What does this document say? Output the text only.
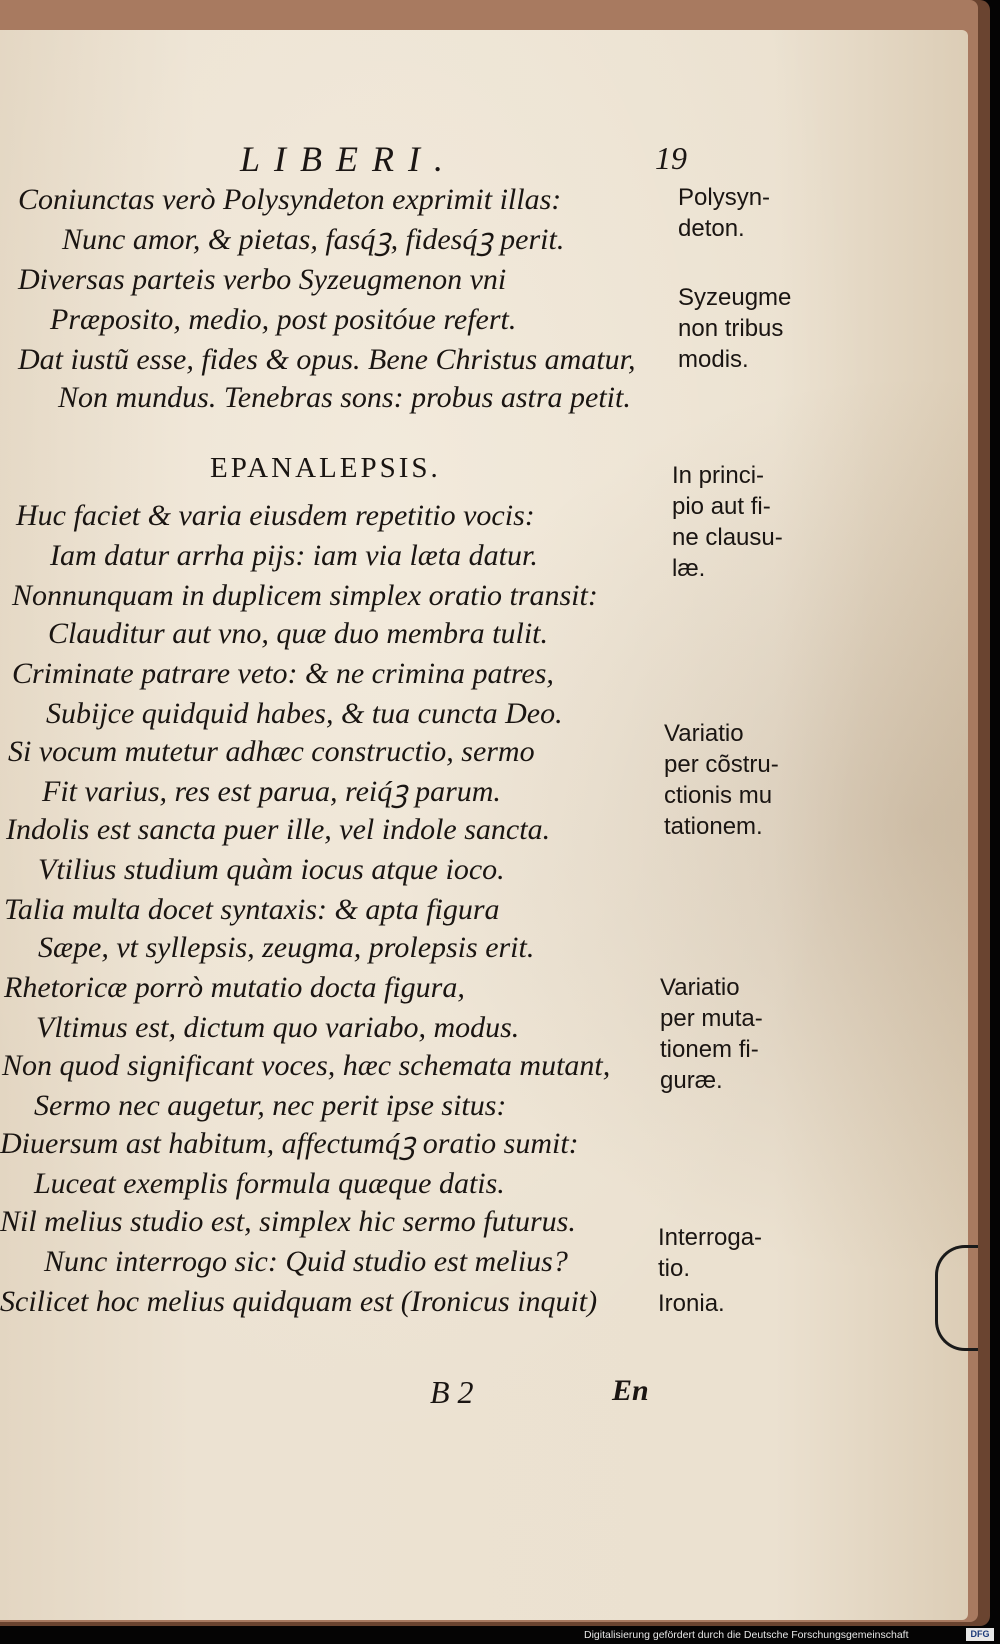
LIBERI.	19
Coniunctas verò Polysyndeton exprimit illas:
Nunc amor, & pietas, fasq́ꝫ, fidesq́ꝫ perit.
Diversas parteis verbo Syzeugmenon vni
Præposito, medio, post positóue refert.
Dat iustũ esse, fides & opus. Bene Christus amatur,
Non mundus. Tenebras sons: probus astra petit.
EPANALEPSIS.
Huc faciet & varia eiusdem repetitio vocis:
Iam datur arrha pijs: iam via læta datur.
Nonnunquam in duplicem simplex oratio transit:
Clauditur aut vno, quæ duo membra tulit.
Criminate patrare veto: & ne crimina patres,
Subijce quidquid habes, & tua cuncta Deo.
Si vocum mutetur adhæc constructio, sermo
Fit varius, res est parua, reiq́ꝫ parum.
Indolis est sancta puer ille, vel indole sancta.
Vtilius studium quàm iocus atque ioco.
Talia multa docet syntaxis: & apta figura
Sæpe, vt syllepsis, zeugma, prolepsis erit.
Rhetoricæ porrò mutatio docta figura,
Vltimus est, dictum quo variabo, modus.
Non quod significant voces, hæc schemata mutant,
Sermo nec augetur, nec perit ipse situs:
Diuersum ast habitum, affectumq́ꝫ oratio sumit:
Luceat exemplis formula quæque datis.
Nil melius studio est, simplex hic sermo futurus.
Nunc interrogo sic: Quid studio est melius?
Scilicet hoc melius quidquam est (Ironicus inquit)
Polysyn-
deton.
Syzeugme
non tribus
modis.
In princi-
pio aut fi-
ne clausu-
læ.
Variatio
per cõstru-
ctionis mu
tationem.
Variatio
per muta-
tionem fi-
guræ.
Interroga-
tio.
Ironia.
B 2	En
Digitalisierung gefördert durch die Deutsche Forschungsgemeinschaft	DFG
